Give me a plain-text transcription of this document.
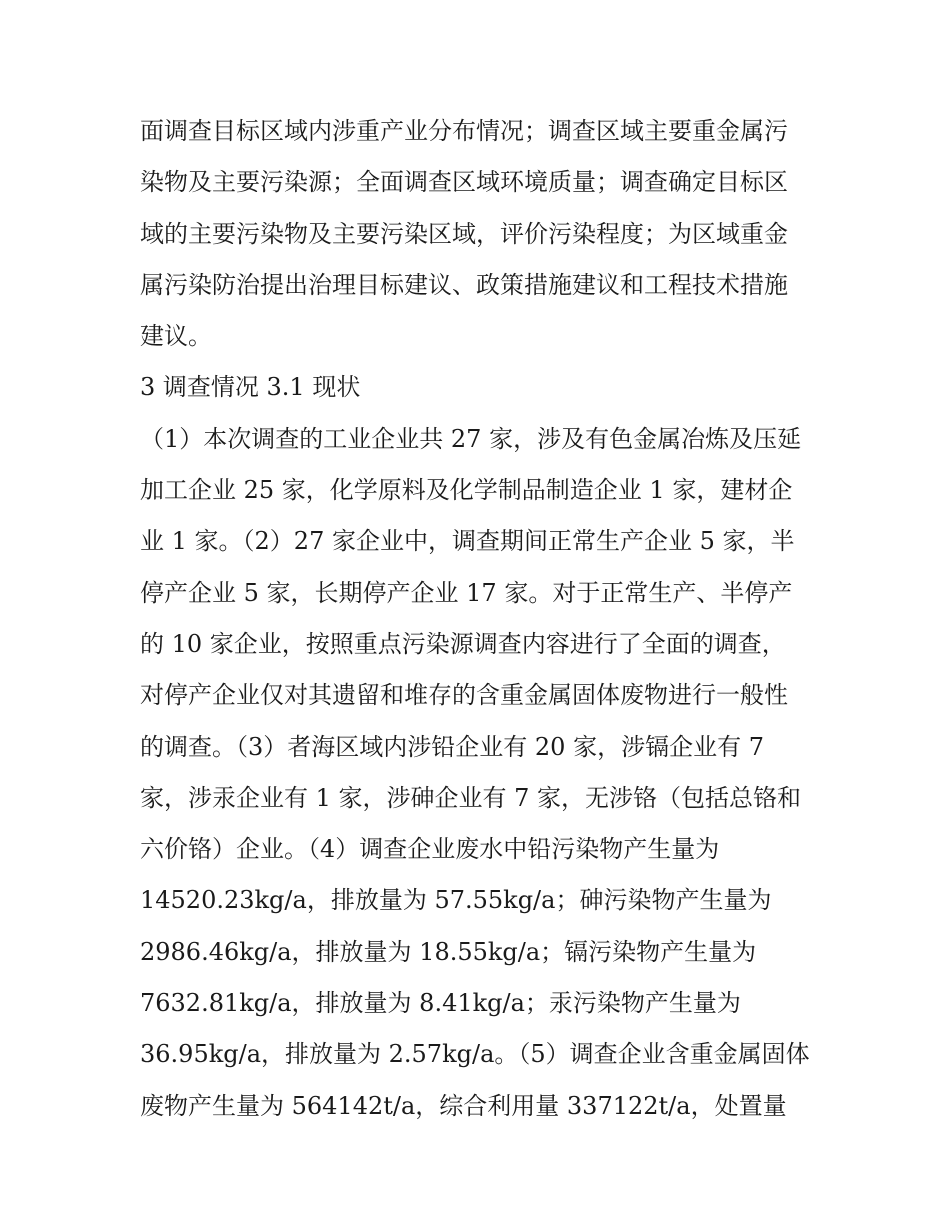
面调查目标区域内涉重产业分布情况；调查区域主要重金属污
染物及主要污染源；全面调查区域环境质量；调查确定目标区
域的主要污染物及主要污染区域，评价污染程度；为区域重金
属污染防治提出治理目标建议、政策措施建议和工程技术措施
建议。
3 调查情况 3.1 现状
（1）本次调查的工业企业共 27 家，涉及有色金属冶炼及压延
加工企业 25 家，化学原料及化学制品制造企业 1 家，建材企
业 1 家。（2）27 家企业中，调查期间正常生产企业 5 家，半
停产企业 5 家，长期停产企业 17 家。对于正常生产、半停产
的 10 家企业，按照重点污染源调查内容进行了全面的调查，
对停产企业仅对其遗留和堆存的含重金属固体废物进行一般性
的调查。（3）者海区域内涉铅企业有 20 家，涉镉企业有 7
家，涉汞企业有 1 家，涉砷企业有 7 家，无涉铬（包括总铬和
六价铬）企业。（4）调查企业废水中铅污染物产生量为
14520.23kg/a，排放量为 57.55kg/a；砷污染物产生量为
2986.46kg/a，排放量为 18.55kg/a；镉污染物产生量为
7632.81kg/a，排放量为 8.41kg/a；汞污染物产生量为
36.95kg/a，排放量为 2.57kg/a。（5）调查企业含重金属固体
废物产生量为 564142t/a，综合利用量 337122t/a，处置量
